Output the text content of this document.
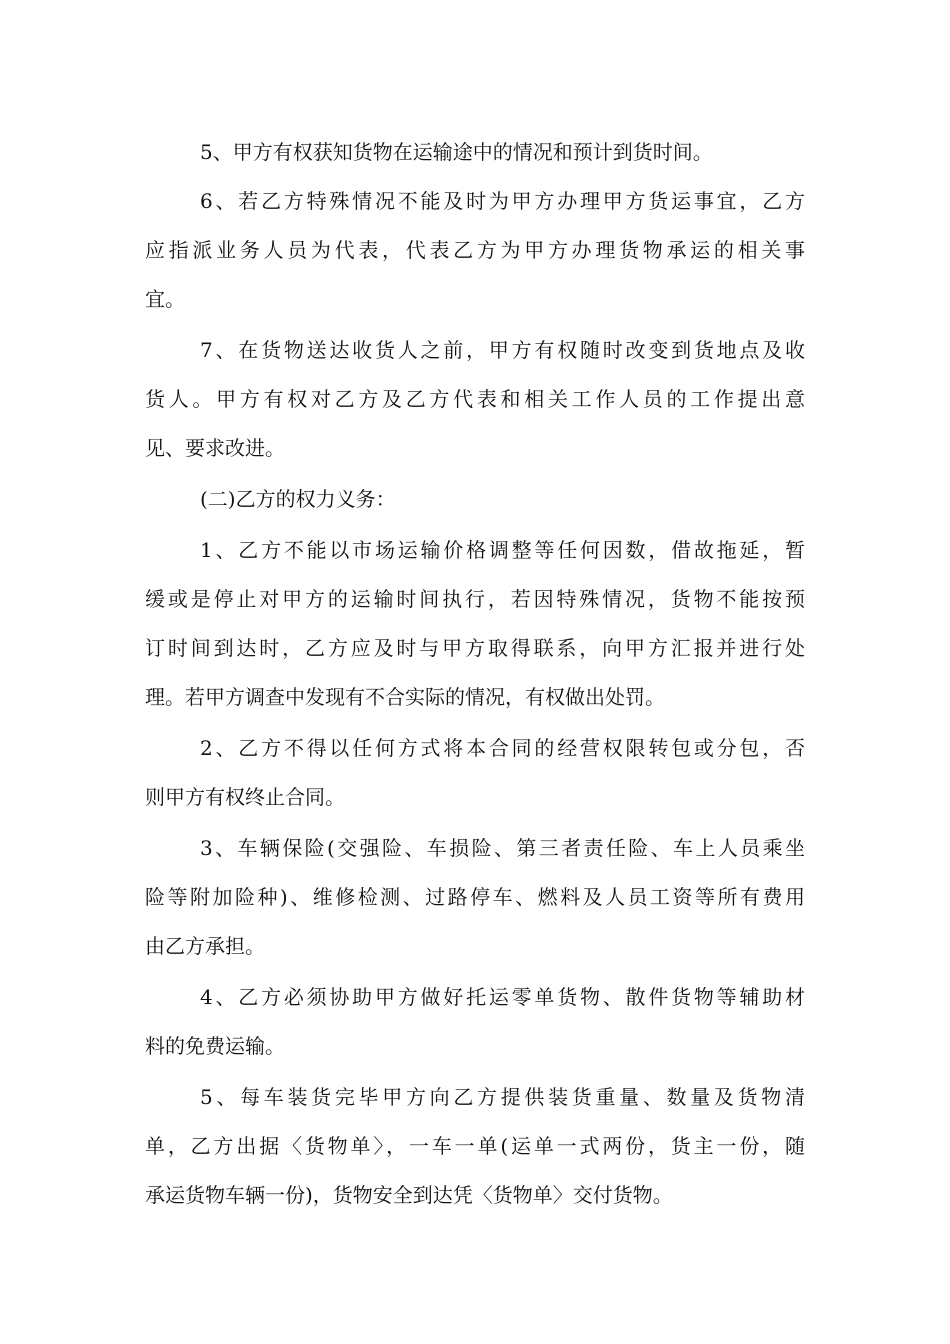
5、甲方有权获知货物在运输途中的情况和预计到货时间。
6、若乙方特殊情况不能及时为甲方办理甲方货运事宜，乙方
应指派业务人员为代表，代表乙方为甲方办理货物承运的相关事
宜。
7、在货物送达收货人之前，甲方有权随时改变到货地点及收
货人。甲方有权对乙方及乙方代表和相关工作人员的工作提出意
见、要求改进。
(二)乙方的权力义务：
1、乙方不能以市场运输价格调整等任何因数，借故拖延，暂
缓或是停止对甲方的运输时间执行，若因特殊情况，货物不能按预
订时间到达时，乙方应及时与甲方取得联系，向甲方汇报并进行处
理。若甲方调查中发现有不合实际的情况，有权做出处罚。
2、乙方不得以任何方式将本合同的经营权限转包或分包，否
则甲方有权终止合同。
3、车辆保险(交强险、车损险、第三者责任险、车上人员乘坐
险等附加险种)、维修检测、过路停车、燃料及人员工资等所有费用
由乙方承担。
4、乙方必须协助甲方做好托运零单货物、散件货物等辅助材
料的免费运输。
5、每车装货完毕甲方向乙方提供装货重量、数量及货物清
单，乙方出据〈货物单〉，一车一单(运单一式两份，货主一份，随
承运货物车辆一份)，货物安全到达凭〈货物单〉交付货物。
